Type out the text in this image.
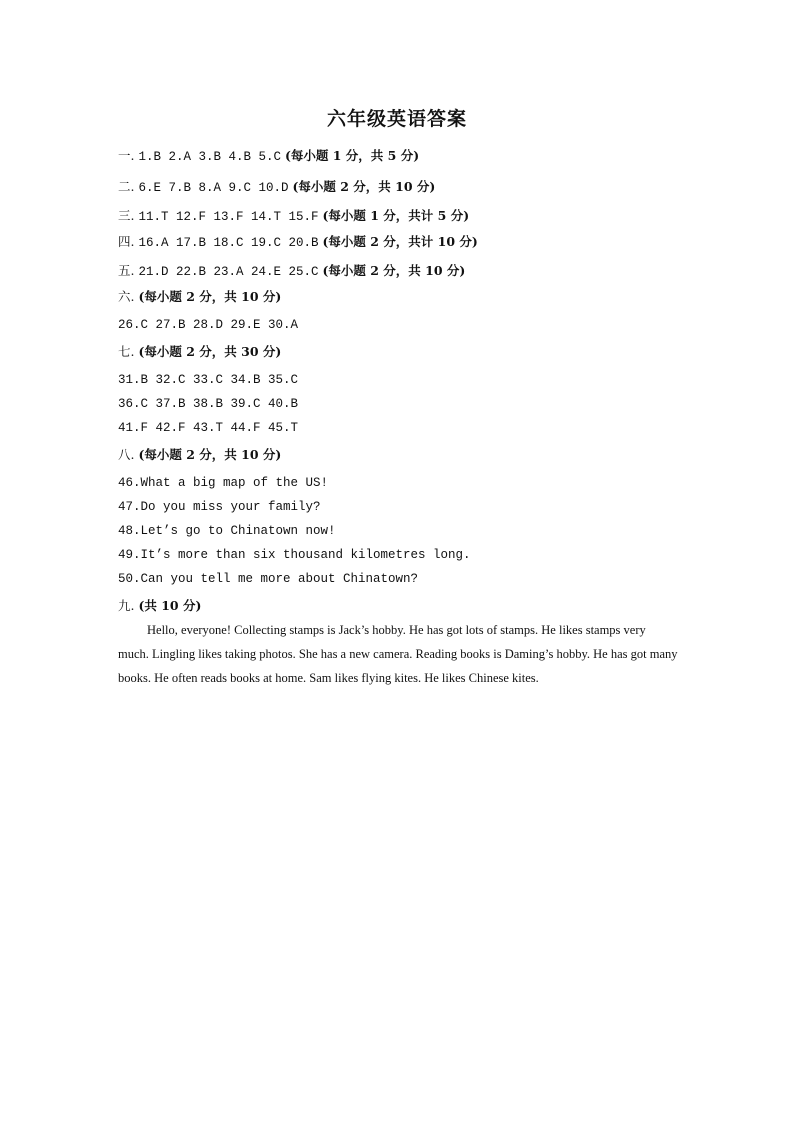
六年级英语答案
一. 1.B 2.A 3.B 4.B 5.C (每小题 1 分，共 5 分)
二. 6.E 7.B 8.A 9.C 10.D (每小题 2 分，共 10 分)
三. 11.T 12.F 13.F 14.T 15.F (每小题 1 分，共计 5 分)
四. 16.A 17.B 18.C 19.C 20.B (每小题 2 分，共计 10 分)
五. 21.D 22.B 23.A 24.E 25.C (每小题 2 分，共 10 分)
六. (每小题 2 分，共 10 分)
26.C 27.B 28.D 29.E 30.A
七. (每小题 2 分，共 30 分)
31.B 32.C 33.C 34.B 35.C
36.C 37.B 38.B 39.C 40.B
41.F 42.F 43.T 44.F 45.T
八. (每小题 2 分，共 10 分)
46.What a big map of the US!
47.Do you miss your family?
48.Let’s go to Chinatown now!
49.It’s more than six thousand kilometres long.
50.Can you tell me more about Chinatown?
九. (共 10 分)
Hello, everyone! Collecting stamps is Jack’s hobby. He has got lots of stamps. He likes stamps very much. Lingling likes taking photos. She has a new camera. Reading books is Daming’s hobby. He has got many books. He often reads books at home. Sam likes flying kites. He likes Chinese kites.
